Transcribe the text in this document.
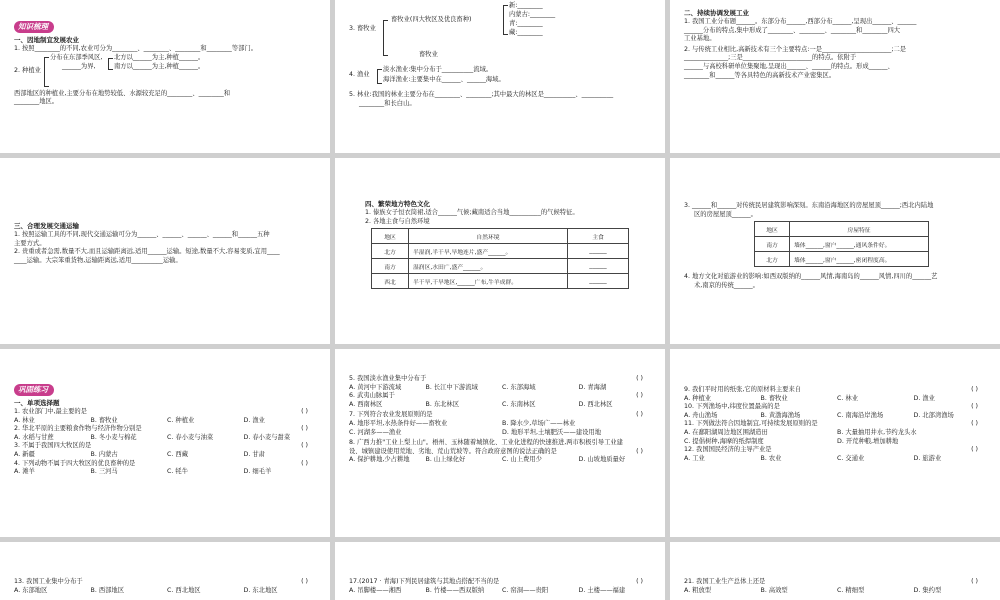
知识梳理
一、因地制宜发展农业
1. 按照________的不同,农业可分为________、________、________和________等部门。
2. 种植业
分布在东部季风区, 北方以______为主,种植______。
______为界,	南方以______为主,种植______。
西部地区的种植业,主要分布在地势较低、水源较充足的________、________和
________地区。
新:________
内蒙古:________
青:________
藏:________
畜牧业(四大牧区及优良畜种)
3. 畜牧业
畜牧业
4. 渔业
淡水渔业:集中分布于__________流域。
海洋渔业:主要集中在______、______海域。
5. 林业:我国的林业主要分布在________、________;其中最大的林区是__________、__________
________和长白山。
二、持续协调发展工业
1. 我国工业分布题______。东部分布______,西部分布______,呈现出______、______
______分布的特点,集中形成了________、________、________和________四大
工业基地。
2. 与传统工业相比,高新技术有三个主要特点:一是______________________;二是
______________;三是______________________的特点。依附于
______与高校科研单位集聚地,呈现出______、______的特点。形成______、
________和______等各具特色的高新技术产业密集区。
三、合理发展交通运输
1. 按照运输工具的不同,现代交通运输可分为______、______、______、______和______五种
主要方式。
2. 贵重或者急需,数量不大,而且运输距离远,适用______运输。短途,数量不大,容易变质,宜用____
____运输。大宗笨重货物,运输距离远,适用__________运输。
四、繁荣地方特色文化
1. 傣族女子恒衣筒裙,适合______气候;藏南适合当地__________的气候特征。
2. 各地主食与自然环境
地区	自然环境	主食
北方	半湿润,半干旱,旱地连片,盛产______。	______
南方	湿润区,水田广,盛产______。	______
西北	半干旱,干旱地区,______广布,牛羊成群。	______
3. ______和______对传统民居建筑影响深刻。东南沿海地区的房屋屋顶______;西北内陆地
区的房屋屋顶______。
地区	房屋特征
南方	墙体______,窗户______,通风条件好。
北方	墙体______,窗户______,密闭程度高。
4. 地方文化对旅游业的影响:如西双版纳的______风情,海南岛的______风情,四川的______艺
术,南京的传统______。
巩固练习
一、单项选择题
1. 农业部门中,最主要的是	( )
A. 林业	B. 畜牧业	C. 种植业	D. 渔业
2. 华北平原的主要粮食作物与经济作物分别是	( )
A. 水稻与甘蔗	B. 冬小麦与棉花	C. 春小麦与油菜	D. 春小麦与甜菜
3. 不属于我国四大牧区的是	( )
A. 新疆	B. 内蒙古	C. 西藏	D. 甘肃
4. 下列动物不属于四大牧区的优良畜种的是	( )
A. 滩羊	B. 三河马	C. 牦牛	D. 细毛羊
5. 我国淡水渔业集中分布于	( )
A. 黄河中下游流域	B. 长江中下游流域	C. 东部海域	D. 青海湖
6. 武夷山脉属于	( )
A. 西南林区	B. 东北林区	C. 东南林区	D. 西北林区
7. 下列符合农业发展原则的是	( )
A. 地形平坦,水热条件好——畜牧业	B. 降水少,草场广——林业
C. 河湖多——渔业	D. 地形平坦,土壤肥沃——建设用地
8. 广西力推"工业上梨上山"。梧州、玉林随着城镇化、工业化进程的快速推进,两市积极引导工业建
设、城镇建设使用荒地、劣地、荒山荒坡等。符合政府意图的说法正确的是	( )
A. 保护耕地,少占耕地	B. 山上绿化好	C. 山上费用少	D. 山坡地质量好
9. 我们平时用的纸张,它的原材料主要来自	( )
A. 种植业	B. 畜牧业	C. 林业	D. 渔业
10. 下列渔场中,纬度位置最高的是	( )
A. 舟山渔场	B. 黄渤海渔场	C. 南海沿岸渔场	D. 北部湾渔场
11. 下列做法符合因地制宜,可持续发展原则的是	( )
A. 在鄱阳湖周边地区围湖造田	B. 大量抽用井水,节约龙头水
C. 提倡树种,海摩的纸捍制度	D. 开荒种粮,增加耕地
12. 我国国民经济的主导产业是	( )
A. 工业	B. 农业	C. 交通业	D. 旅游业
13. 我国工业集中分布于	( )
A. 东部地区	B. 西部地区	C. 西北地区	D. 东北地区
17.(2017 · 青海)下列民居建筑与其地点搭配不当的是	( )
A. 吊脚楼——湘西	B. 竹楼——西双版纳	C. 窑洞——贵阳	D. 土楼——福建
21. 我国工业生产总体上还是	( )
A. 粗放型	B. 高效型	C. 精细型	D. 集约型
